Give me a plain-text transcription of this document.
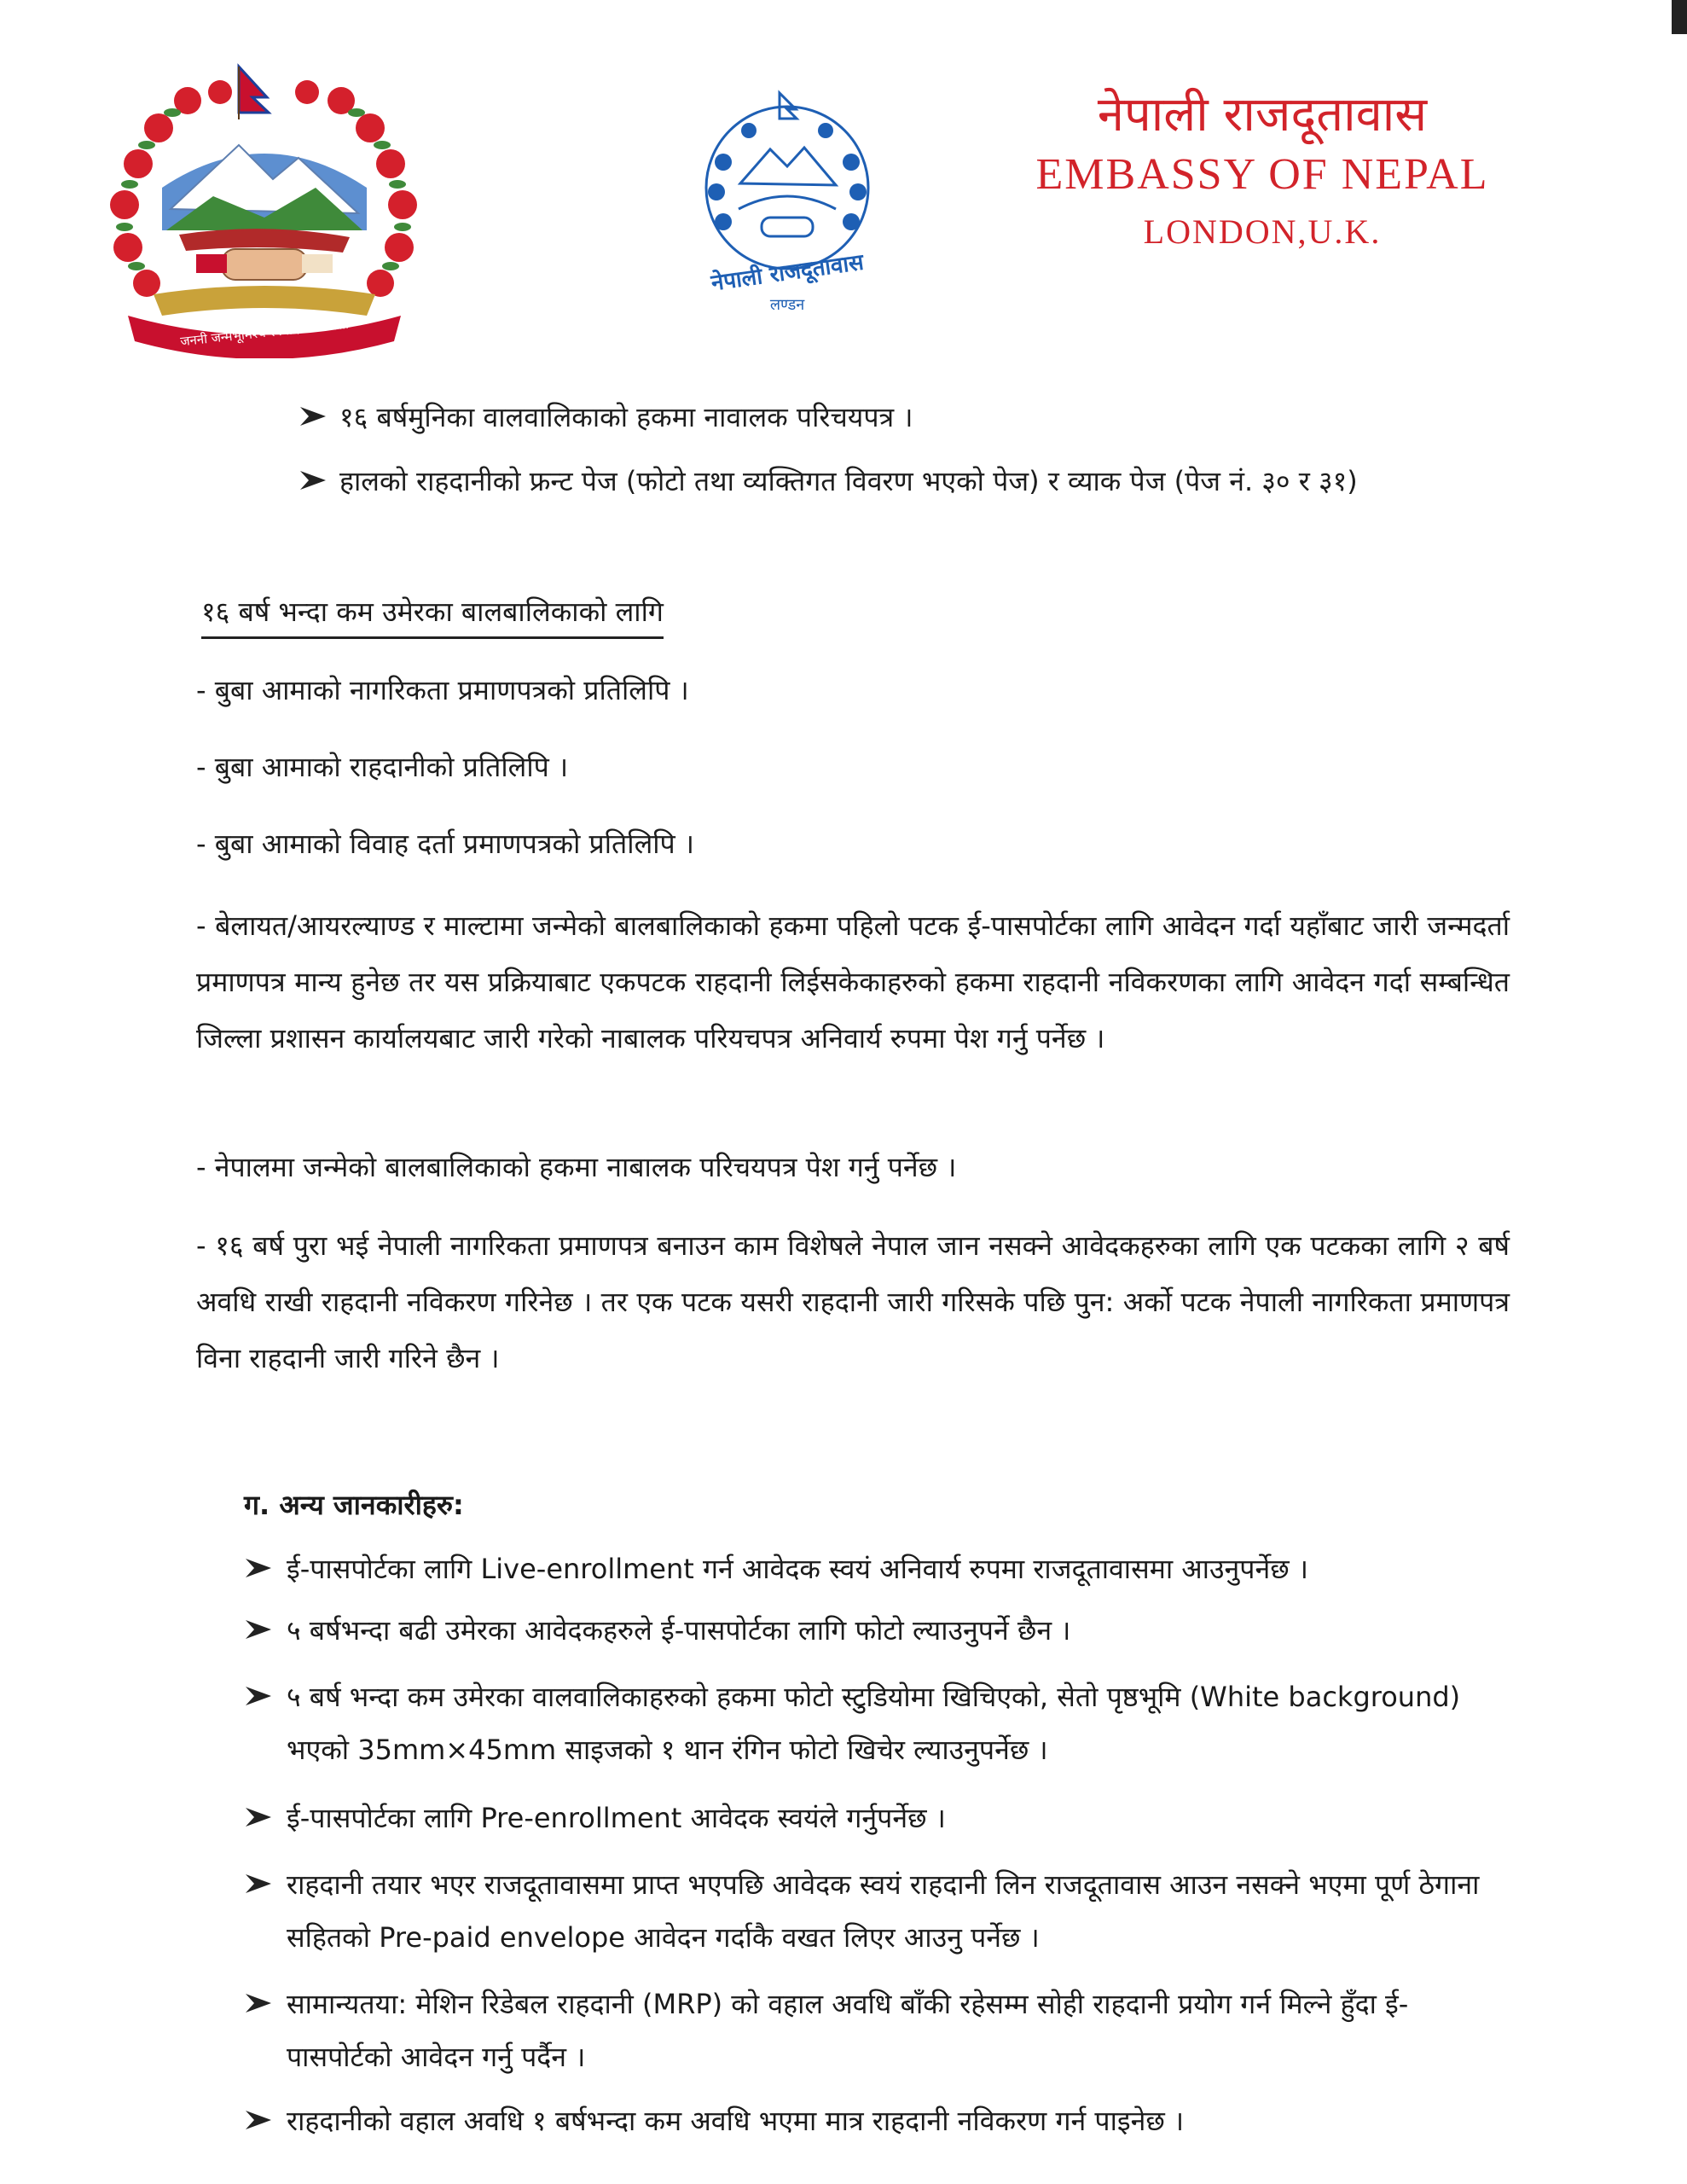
नेपाली राजदूतावास
लण्डन
जननी जन्मभूमिश्च स्वर्गादपि गरीयसी
नेपाली राजदूतावास
EMBASSY OF NEPAL
LONDON,U.K.
१६ बर्षमुनिका वालवालिकाको हकमा नावालक परिचयपत्र ।
हालको राहदानीको फ्रन्ट पेज (फोटो तथा व्यक्तिगत विवरण भएको पेज) र व्याक पेज (पेज नं. ३० र ३१)
१६ बर्ष भन्दा कम उमेरका बालबालिकाको लागि
- बुबा आमाको नागरिकता प्रमाणपत्रको प्रतिलिपि ।
- बुबा आमाको राहदानीको प्रतिलिपि ।
- बुबा आमाको विवाह दर्ता प्रमाणपत्रको प्रतिलिपि ।
- बेलायत/आयरल्याण्ड र माल्टामा जन्मेको बालबालिकाको हकमा पहिलो पटक ई-पासपोर्टका लागि आवेदन गर्दा यहाँबाट जारी जन्मदर्ता प्रमाणपत्र मान्य हुनेछ तर यस प्रक्रियाबाट एकपटक राहदानी लिईसकेकाहरुको हकमा राहदानी नविकरणका लागि आवेदन गर्दा सम्बन्धित जिल्ला प्रशासन कार्यालयबाट जारी गरेको नाबालक परियचपत्र अनिवार्य रुपमा पेश गर्नु पर्नेछ ।
- नेपालमा जन्मेको बालबालिकाको हकमा नाबालक परिचयपत्र पेश गर्नु पर्नेछ ।
- १६ बर्ष पुरा भई नेपाली नागरिकता प्रमाणपत्र बनाउन काम विशेषले नेपाल जान नसक्ने आवेदकहरुका लागि एक पटकका लागि २ बर्ष अवधि राखी राहदानी नविकरण गरिनेछ । तर एक पटक यसरी राहदानी जारी गरिसके पछि पुन: अर्को पटक नेपाली नागरिकता प्रमाणपत्र विना राहदानी जारी गरिने छैन ।
ग. अन्य जानकारीहरु:
ई-पासपोर्टका लागि Live-enrollment गर्न आवेदक स्वयं अनिवार्य रुपमा राजदूतावासमा आउनुपर्नेछ ।
५ बर्षभन्दा बढी उमेरका आवेदकहरुले ई-पासपोर्टका लागि फोटो ल्याउनुपर्ने छैन ।
५ बर्ष भन्दा कम उमेरका वालवालिकाहरुको हकमा फोटो स्टुडियोमा खिचिएको, सेतो पृष्ठभूमि (White background) भएको 35mm×45mm साइजको १ थान रंगिन फोटो खिचेर ल्याउनुपर्नेछ ।
ई-पासपोर्टका लागि Pre-enrollment आवेदक स्वयंले गर्नुपर्नेछ ।
राहदानी तयार भएर राजदूतावासमा प्राप्त भएपछि आवेदक स्वयं राहदानी लिन राजदूतावास आउन नसक्ने भएमा पूर्ण ठेगाना सहितको Pre-paid envelope आवेदन गर्दाकै वखत लिएर आउनु पर्नेछ ।
सामान्यतया: मेशिन रिडेबल राहदानी (MRP) को वहाल अवधि बाँकी रहेसम्म सोही राहदानी प्रयोग गर्न मिल्ने हुँदा ई-पासपोर्टको आवेदन गर्नु पर्दैन ।
राहदानीको वहाल अवधि १ बर्षभन्दा कम अवधि भएमा मात्र राहदानी नविकरण गर्न पाइनेछ ।
